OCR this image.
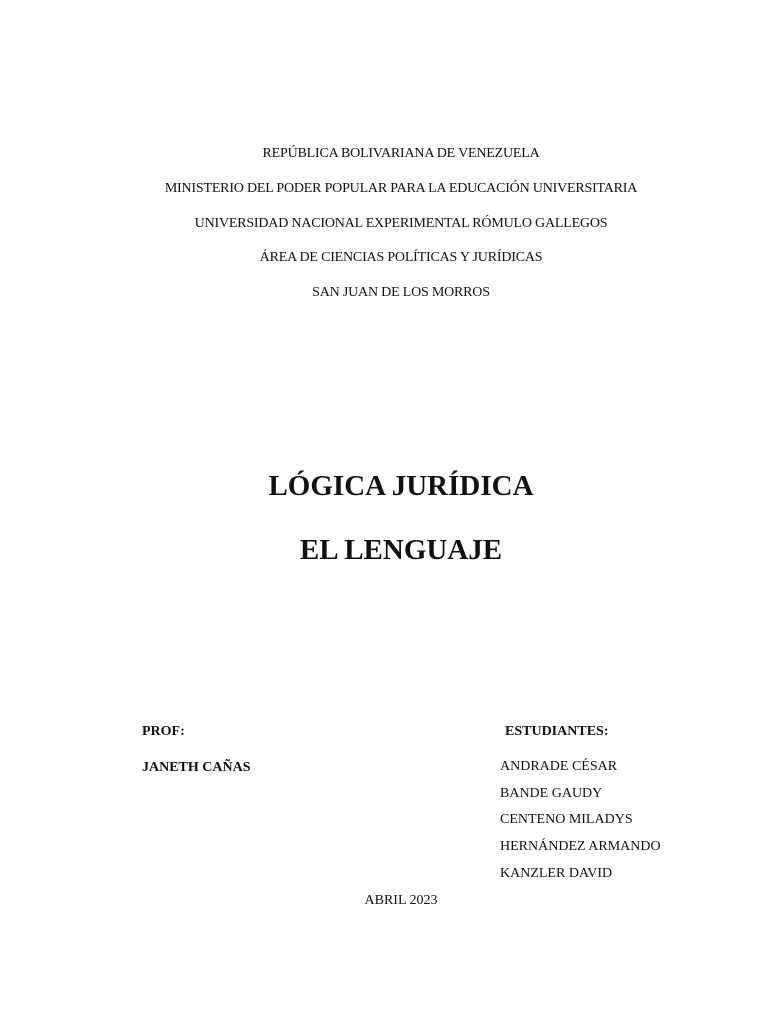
REPÚBLICA BOLIVARIANA DE VENEZUELA
MINISTERIO DEL PODER POPULAR PARA LA EDUCACIÓN UNIVERSITARIA
UNIVERSIDAD NACIONAL EXPERIMENTAL RÓMULO GALLEGOS
ÁREA DE CIENCIAS POLÍTICAS Y JURÍDICAS
SAN JUAN DE LOS MORROS
LÓGICA JURÍDICA
EL LENGUAJE
PROF:
JANETH CAÑAS
ESTUDIANTES:
ANDRADE CÉSAR
BANDE GAUDY
CENTENO MILADYS
HERNÁNDEZ ARMANDO
KANZLER DAVID
ABRIL 2023
